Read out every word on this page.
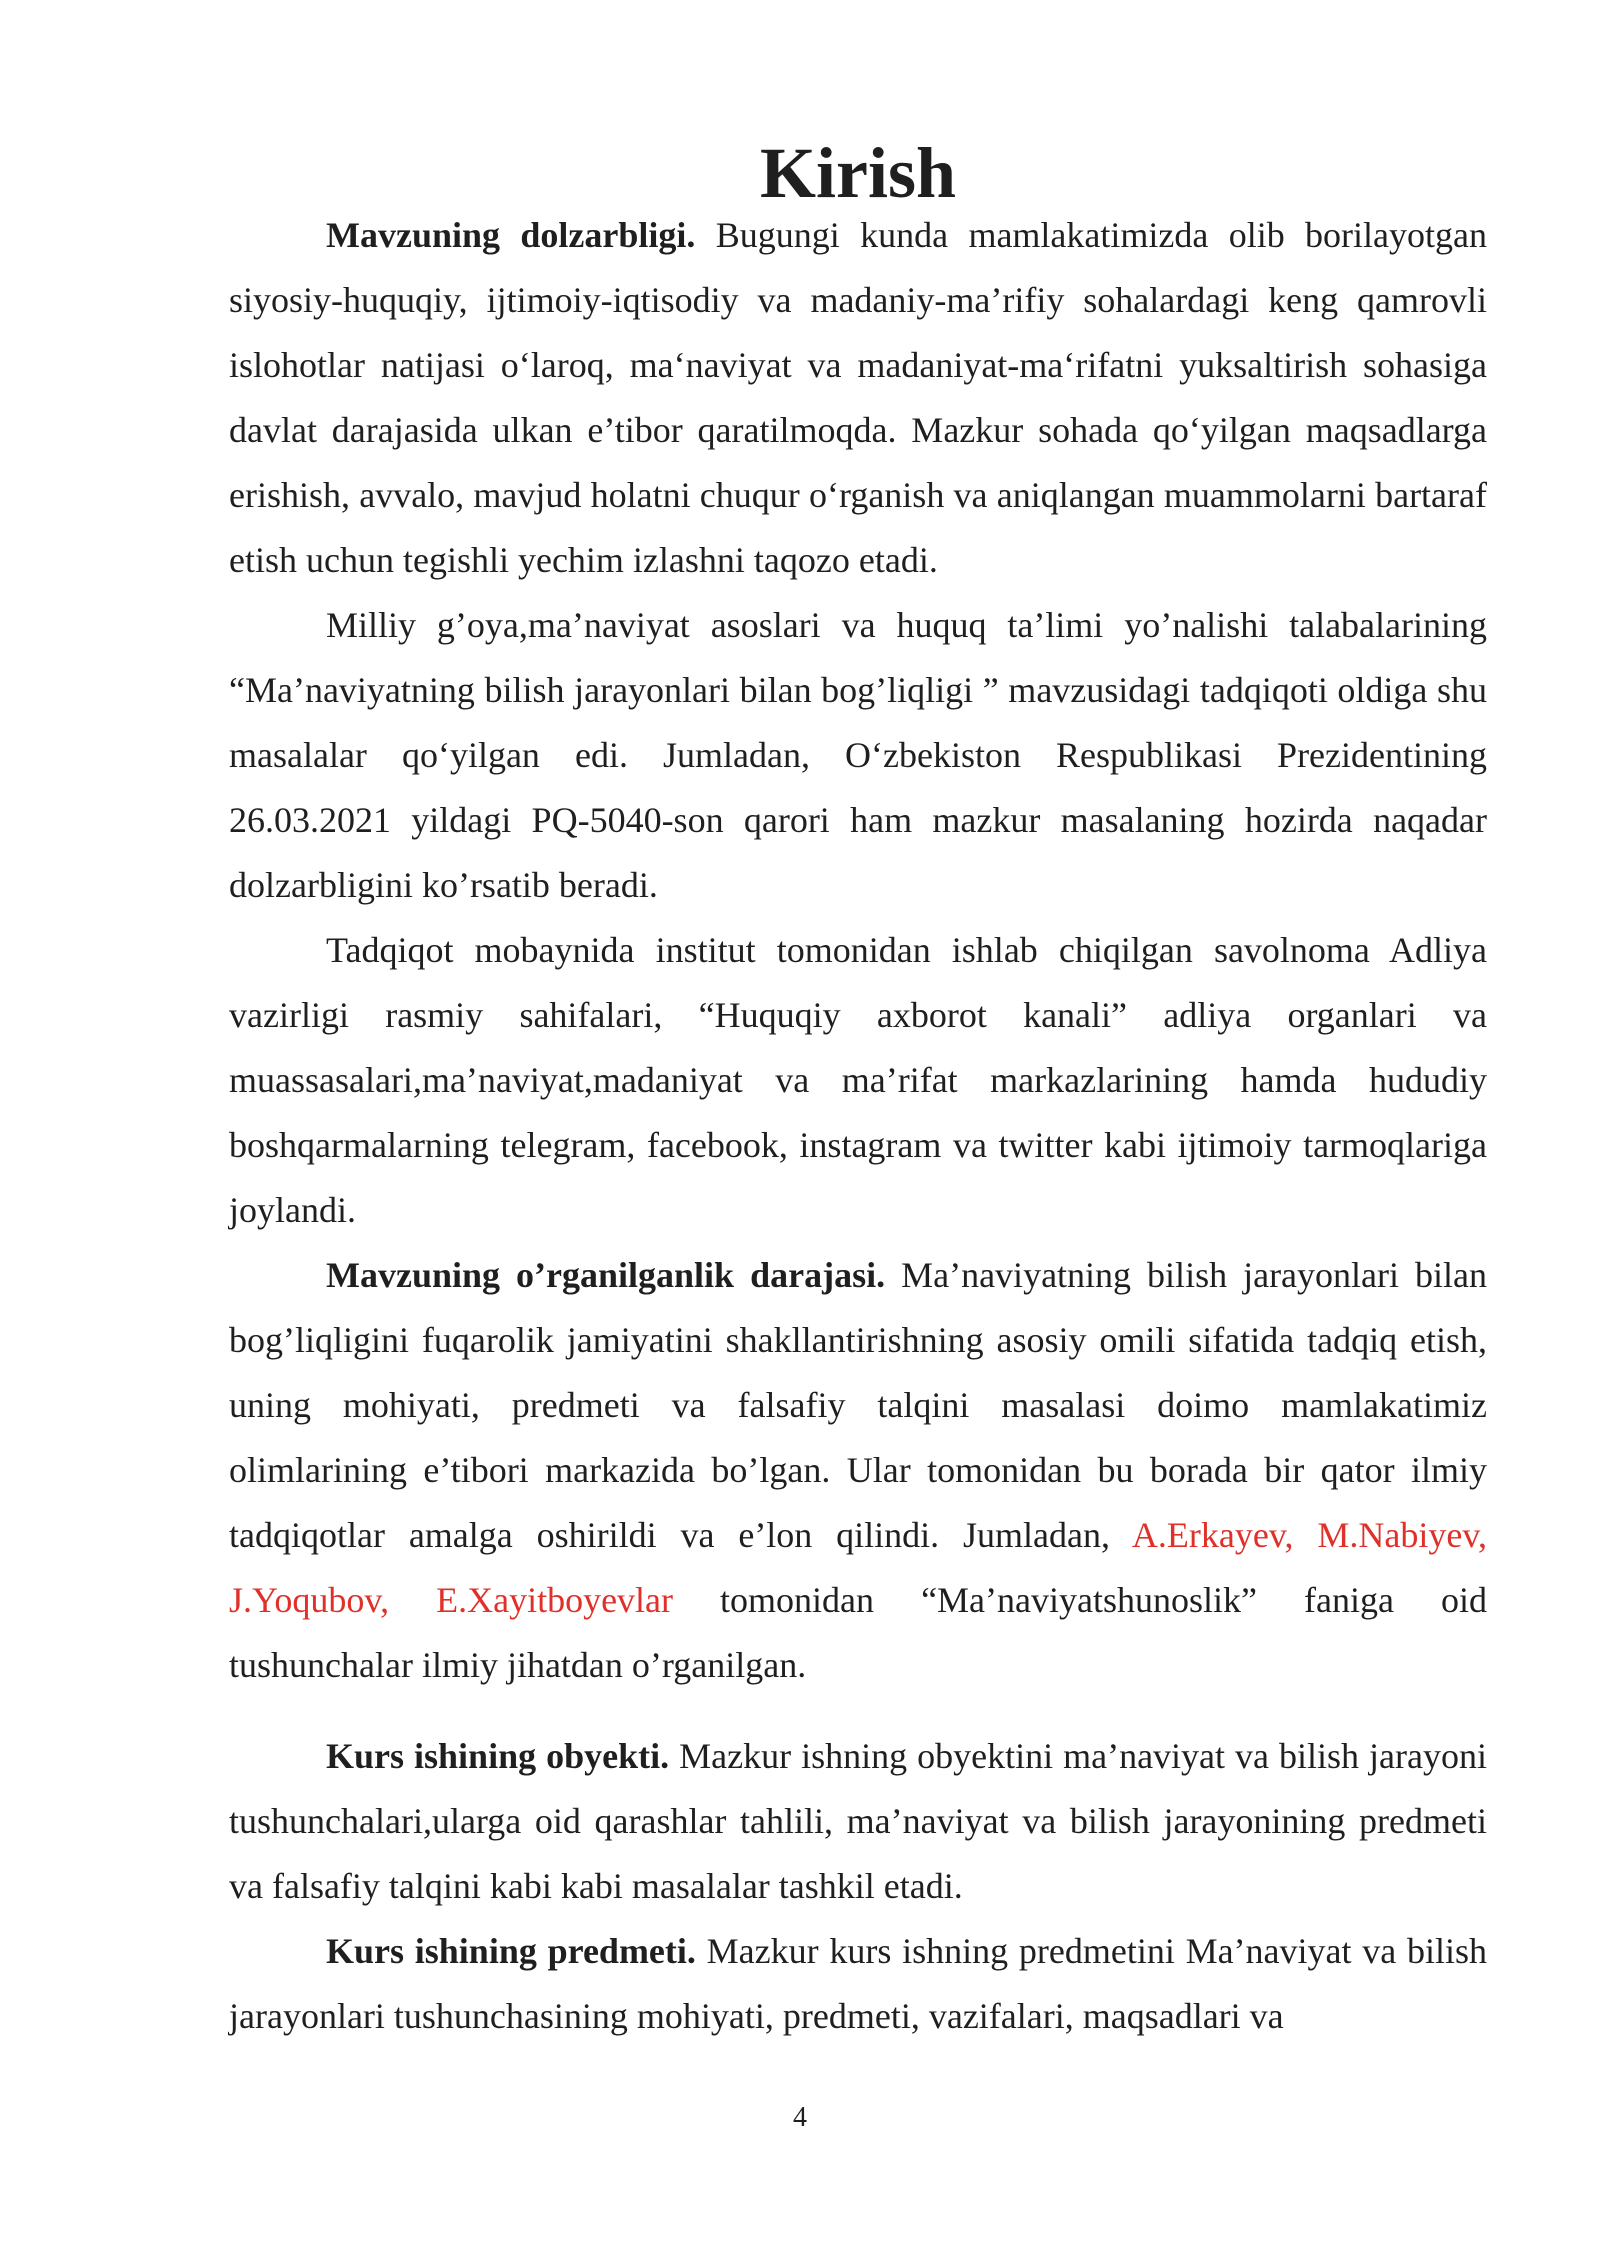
Kirish

Mavzuning dolzarbligi. Bugungi kunda mamlakatimizda olib borilayotgan siyosiy-huquqiy, ijtimoiy-iqtisodiy va madaniy-ma’rifiy sohalardagi keng qamrovli islohotlar natijasi o‘laroq, ma‘naviyat va madaniyat-ma‘rifatni yuksaltirish sohasiga davlat darajasida ulkan e’tibor qaratilmoqda. Mazkur sohada qo‘yilgan maqsadlarga erishish, avvalo, mavjud holatni chuqur o‘rganish va aniqlangan muammolarni bartaraf etish uchun tegishli yechim izlashni taqozo etadi.

Milliy g’oya,ma’naviyat asoslari va huquq ta’limi yo’nalishi talabalarining “Ma’naviyatning bilish jarayonlari bilan bog’liqligi ” mavzusidagi tadqiqoti oldiga shu masalalar qo‘yilgan edi. Jumladan, O‘zbekiston Respublikasi Prezidentining 26.03.2021 yildagi PQ-5040-son qarori ham mazkur masalaning hozirda naqadar dolzarbligini ko’rsatib beradi.

Tadqiqot mobaynida institut tomonidan ishlab chiqilgan savolnoma Adliya vazirligi rasmiy sahifalari, “Huquqiy axborot kanali” adliya organlari va muassasalari,ma’naviyat,madaniyat va ma’rifat markazlarining hamda hududiy boshqarmalarning telegram, facebook, instagram va twitter kabi ijtimoiy tarmoqlariga joylandi.

Mavzuning o’rganilganlik darajasi. Ma’naviyatning bilish jarayonlari bilan bog’liqligini fuqarolik jamiyatini shakllantirishning asosiy omili sifatida tadqiq etish, uning mohiyati, predmeti va falsafiy talqini masalasi doimo mamlakatimiz olimlarining e’tibori markazida bo’lgan. Ular tomonidan bu borada bir qator ilmiy tadqiqotlar amalga oshirildi va e’lon qilindi. Jumladan, A.Erkayev, M.Nabiyev, J.Yoqubov, E.Xayitboyevlar tomonidan “Ma’naviyatshunoslik” faniga oid tushunchalar ilmiy jihatdan o’rganilgan.

Kurs ishining obyekti. Mazkur ishning obyektini ma’naviyat va bilish jarayoni tushunchalari,ularga oid qarashlar tahlili, ma’naviyat va bilish jarayonining predmeti va falsafiy talqini kabi kabi masalalar tashkil etadi.

Kurs ishining predmeti. Mazkur kurs ishning predmetini Ma’naviyat va bilish jarayonlari tushunchasining mohiyati, predmeti, vazifalari, maqsadlari va

4
